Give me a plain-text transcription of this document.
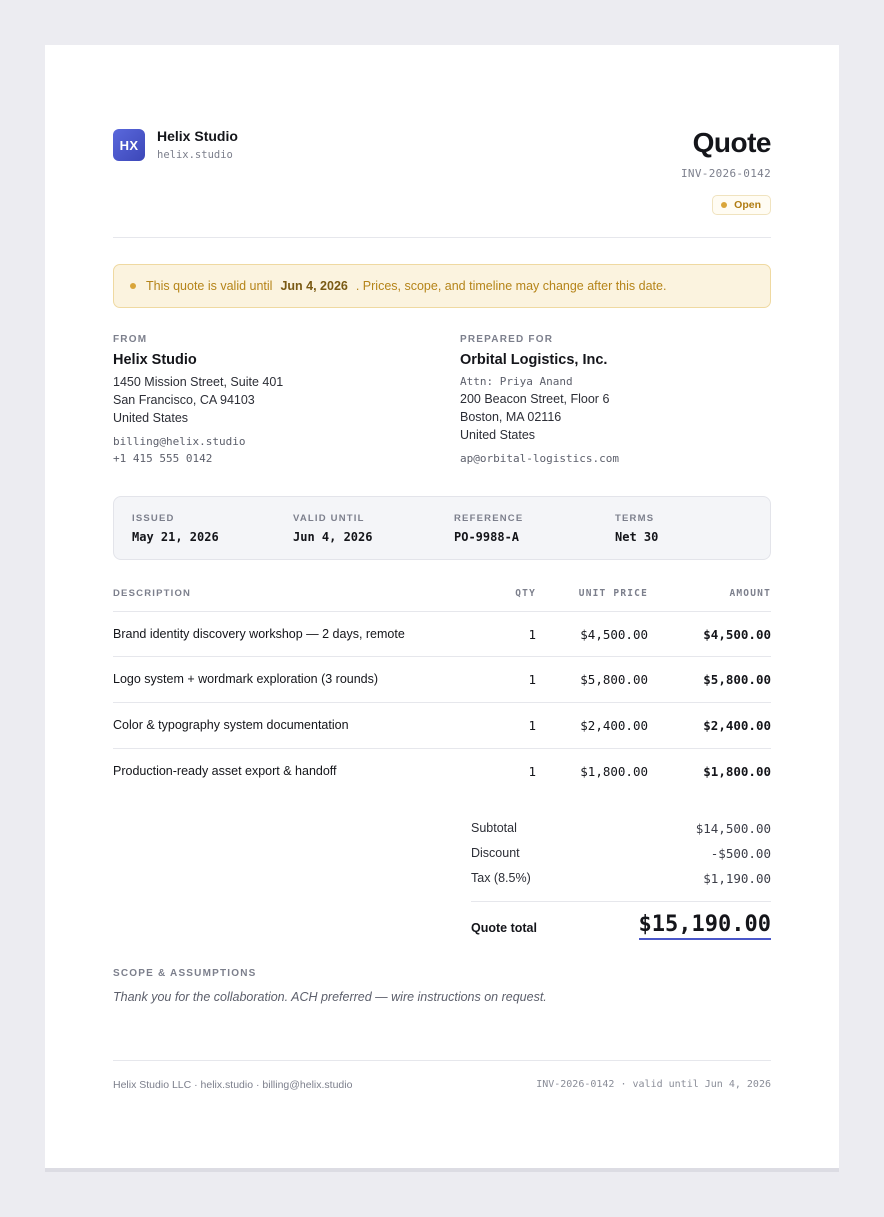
HX
Helix Studio
helix.studio	Quote
INV-2026-0142
Open
This quote is valid until Jun 4, 2026 . Prices, scope, and timeline may change after this date.
FROM
Helix Studio
1450 Mission Street, Suite 401
San Francisco, CA 94103
United States
billing@helix.studio
+1 415 555 0142
PREPARED FOR
Orbital Logistics, Inc.
Attn: Priya Anand
200 Beacon Street, Floor 6
Boston, MA 02116
United States
ap@orbital-logistics.com
ISSUED
May 21, 2026
VALID UNTIL
Jun 4, 2026
REFERENCE
PO-9988-A
TERMS
Net 30
DESCRIPTION	QTY	UNIT PRICE	AMOUNT
Brand identity discovery workshop — 2 days, remote	1	$4,500.00	$4,500.00
Logo system + wordmark exploration (3 rounds)	1	$5,800.00	$5,800.00
Color & typography system documentation	1	$2,400.00	$2,400.00
Production-ready asset export & handoff	1	$1,800.00	$1,800.00
Subtotal	$14,500.00
Discount	-$500.00
Tax (8.5%)	$1,190.00
Quote total	$15,190.00
SCOPE & ASSUMPTIONS
Thank you for the collaboration. ACH preferred — wire instructions on request.
Helix Studio LLC · helix.studio · billing@helix.studio	INV-2026-0142 · valid until Jun 4, 2026
